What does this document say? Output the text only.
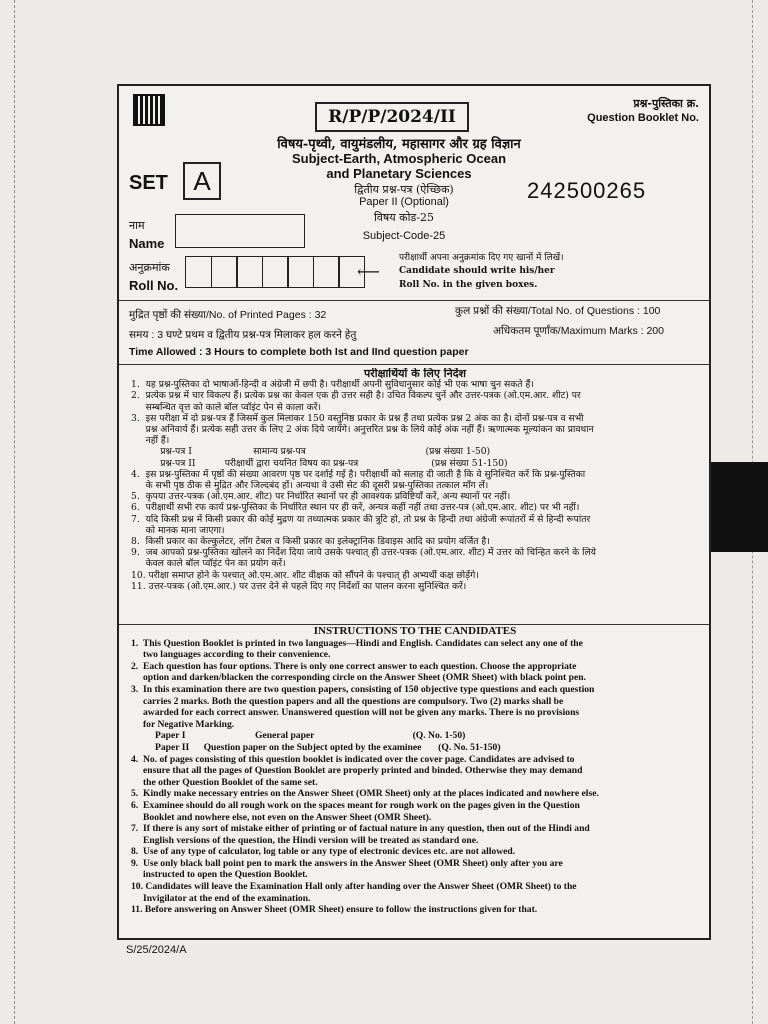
R/P/P/2024/II
प्रश्न-पुस्तिका क्र.
Question Booklet No.
विषय-पृथ्वी, वायुमंडलीय, महासागर और ग्रह विज्ञान
Subject-Earth, Atmospheric Ocean
and Planetary Sciences
SET A	द्वितीय प्रश्न-पत्र (ऐच्छिक)
Paper II (Optional)
विषय कोड-25
Subject-Code-25
242500265
नाम
Name
अनुक्रमांक
Roll No.
⟵
परीक्षार्थी अपना अनुक्रमांक दिए गए खानों में लिखें।
Candidate should write his/her
Roll No. in the given boxes.
मुद्रित पृष्ठों की संख्या/No. of Printed Pages : 32	कुल प्रश्नों की संख्या/Total No. of Questions : 100
समय : 3 घण्टे प्रथम व द्वितीय प्रश्न-पत्र मिलाकर हल करने हेतु	अधिकतम पूर्णांक/Maximum Marks : 200
Time Allowed : 3 Hours to complete both Ist and IInd question paper
परीक्षार्थियों के लिए निर्देश
1.  यह प्रश्न-पुस्तिका दो भाषाओं-हिन्दी व अंग्रेजी में छपी है। परीक्षार्थी अपनी सुविधानुसार कोई भी एक भाषा चुन सकते हैं।
2.  प्रत्येक प्रश्न में चार विकल्प हैं। प्रत्येक प्रश्न का केवल एक ही उत्तर सही है। उचित विकल्प चुनें और उत्तर-पत्रक (ओ.एम.आर. शीट) पर
सम्बन्धित वृत्त को काले बॉल प्वॉइंट पेन से काला करें।
3.  इस परीक्षा में दो प्रश्न-पत्र हैं जिसमें कुल मिलाकर 150 वस्तुनिष्ठ प्रकार के प्रश्न हैं तथा प्रत्येक प्रश्न 2 अंक का है। दोनों प्रश्न-पत्र व सभी
प्रश्न अनिवार्य हैं। प्रत्येक सही उत्तर के लिए 2 अंक दिये जायेंगे। अनुत्तरित प्रश्न के लिये कोई अंक नहीं हैं। ऋणात्मक मूल्यांकन का प्रावधान
नहीं हैं।
प्रश्न-पत्र I                     सामान्य प्रश्न-पत्र                                         (प्रश्न संख्या 1-50)
प्रश्न-पत्र II          परीक्षार्थी द्वारा चयनित विषय का प्रश्न-पत्र                         (प्रश्न संख्या 51-150)
4.  इस प्रश्न-पुस्तिका में पृष्ठों की संख्या आवरण पृष्ठ पर दर्शाई गई है। परीक्षार्थी को सलाह दी जाती है कि वे सुनिश्चित करें कि प्रश्न-पुस्तिका
के सभी पृष्ठ ठीक से मुद्रित और जिल्दबंद हों। अन्यथा वे उसी सेट की दूसरी प्रश्न-पुस्तिका तत्काल माँग लें।
5.  कृपया उत्तर-पत्रक (ओ.एम.आर. शीट) पर निर्धारित स्थानों पर ही आवश्यक प्रविष्टियाँ करें, अन्य स्थानों पर नहीं।
6.  परीक्षार्थी सभी रफ कार्य प्रश्न-पुस्तिका के निर्धारित स्थान पर ही करें, अन्यत्र कहीं नहीं तथा उत्तर-पत्र (ओ.एम.आर. शीट) पर भी नहीं।
7.  यदि किसी प्रश्न में किसी प्रकार की कोई मुद्रण या तथ्यात्मक प्रकार की त्रुटि हो, तो प्रश्न के हिन्दी तथा अंग्रेजी रूपांतरों में से हिन्दी रूपांतर
को मानक माना जाएगा।
8.  किसी प्रकार का केल्कुलेटर, लॉग टेबल व किसी प्रकार का इलेक्ट्रानिक डिवाइस आदि का प्रयोग वर्जित है।
9.  जब आपको प्रश्न-पुस्तिका खोलने का निर्देश दिया जाये उसके पश्चात् ही उत्तर-पत्रक (ओ.एम.आर. शीट) में उत्तर को चिन्हित करने के लिये
केवल काले बॉल प्वॉइंट पेन का प्रयोग करें।
10. परीक्षा समाप्त होने के पश्चात् ओ.एम.आर. शीट वीक्षक को सौंपने के पश्चात् ही अभ्यर्थी कक्ष छोड़ेंगे।
11. उत्तर-पत्रक (ओ.एम.आर.) पर उत्तर देने से पहले दिए गए निर्देशों का पालन करना सुनिश्चित करें।
INSTRUCTIONS TO THE CANDIDATES
1.  This Question Booklet is printed in two languages—Hindi and English. Candidates can select any one of the
two languages according to their convenience.
2.  Each question has four options. There is only one correct answer to each question. Choose the appropriate
option and darken/blacken the corresponding circle on the Answer Sheet (OMR Sheet) with black point pen.
3.  In this examination there are two question papers, consisting of 150 objective type questions and each question
carries 2 marks. Both the question papers and all the questions are compulsory. Two (2) marks shall be
awarded for each correct answer. Unanswered question will not be given any marks. There is no provisions
for Negative Marking.
Paper I                             General paper                                         (Q. No. 1-50)
Paper II      Question paper on the Subject opted by the examinee       (Q. No. 51-150)
4.  No. of pages consisting of this question booklet is indicated over the cover page. Candidates are advised to
ensure that all the pages of Question Booklet are properly printed and binded. Otherwise they may demand
the other Question Booklet of the same set.
5.  Kindly make necessary entries on the Answer Sheet (OMR Sheet) only at the places indicated and nowhere else.
6.  Examinee should do all rough work on the spaces meant for rough work on the pages given in the Question
Booklet and nowhere else, not even on the Answer Sheet (OMR Sheet).
7.  If there is any sort of mistake either of printing or of factual nature in any question, then out of the Hindi and
English versions of the question, the Hindi version will be treated as standard one.
8.  Use of any type of calculator, log table or any type of electronic devices etc. are not allowed.
9.  Use only black ball point pen to mark the answers in the Answer Sheet (OMR Sheet) only after you are
instructed to open the Question Booklet.
10. Candidates will leave the Examination Hall only after handing over the Answer Sheet (OMR Sheet) to the
Invigilator at the end of the examination.
11. Before answering on Answer Sheet (OMR Sheet) ensure to follow the instructions given for that.
S/25/2024/A
